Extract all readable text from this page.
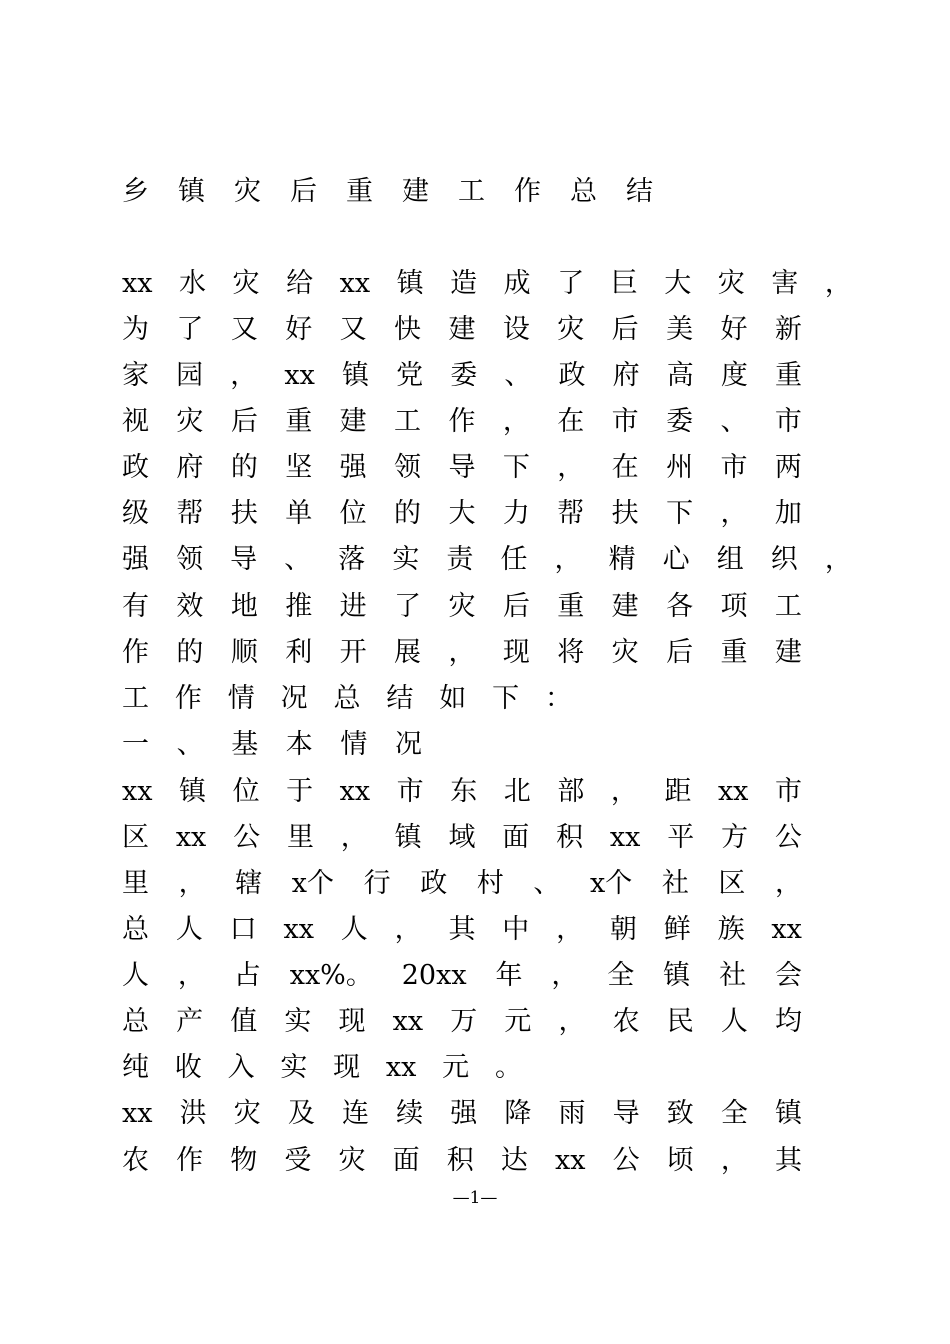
乡镇灾后重建工作总结
xx 水 灾 给 xx 镇 造 成 了 巨 大 灾 害 ，
为 了 又 好 又 快 建 设 灾 后 美 好 新
家 园 ， xx 镇 党 委 、 政 府 高 度 重
视 灾 后 重 建 工 作 ， 在 市 委 、 市
政 府 的 坚 强 领 导 下 ， 在 州 市 两
级 帮 扶 单 位 的 大 力 帮 扶 下 ， 加
强 领 导 、 落 实 责 任 ， 精 心 组 织 ，
有 效 地 推 进 了 灾 后 重 建 各 项 工
作 的 顺 利 开 展 ， 现 将 灾 后 重 建
工 作 情 况 总 结 如 下 ：
一 、 基 本 情 况
xx 镇 位 于 xx 市 东 北 部 ， 距 xx 市
区 xx 公 里 ， 镇 域 面 积 xx 平 方 公
里 ， 辖 x个 行 政 村 、 x个 社 区 ，
总 人 口 xx 人 ， 其 中 ， 朝 鲜 族 xx
人 ， 占 xx%。 20xx 年 ， 全 镇 社 会
总 产 值 实 现 xx 万 元 ， 农 民 人 均
纯 收 入 实 现 xx 元 。
xx 洪 灾 及 连 续 强 降 雨 导 致 全 镇
农 作 物 受 灾 面 积 达 xx 公 顷 ， 其
—1—
